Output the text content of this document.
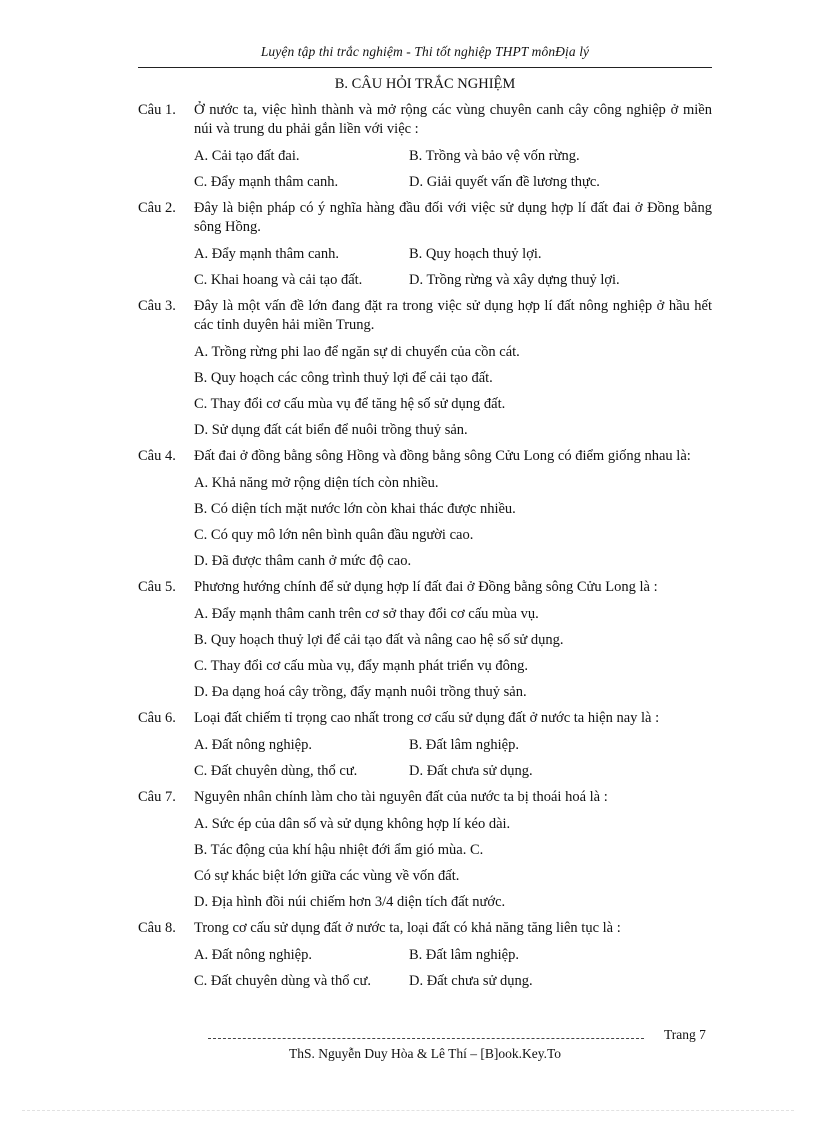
Luyện tập thi trắc nghiệm - Thi tốt nghiệp THPT mônĐịa lý
B. CÂU HỎI TRẮC NGHIỆM
Câu 1.	Ở nước ta, việc hình thành và mở rộng các vùng chuyên canh cây công nghiệp ở miền núi và trung du phải gắn liền với việc :
A. Cải tạo đất đai.	B. Trồng và bảo vệ vốn rừng.
C. Đẩy mạnh thâm canh.	D. Giải quyết vấn đề lương thực.
Câu 2.	Đây là biện pháp có ý nghĩa hàng đầu đối với việc sử dụng hợp lí đất đai ở Đồng bằng sông Hồng.
A. Đẩy mạnh thâm canh.	B. Quy hoạch thuỷ lợi.
C. Khai hoang và cải tạo đất.	D. Trồng rừng và xây dựng thuỷ lợi.
Câu 3.	Đây là một vấn đề lớn đang đặt ra trong việc sử dụng hợp lí đất nông nghiệp ở hầu hết các tỉnh duyên hải miền Trung.
A. Trồng rừng phi lao để ngăn sự di chuyển của cồn cát.
B. Quy hoạch các công trình thuỷ lợi để cải tạo đất.
C. Thay đổi cơ cấu mùa vụ để tăng hệ số sử dụng đất.
D. Sử dụng đất cát biển để nuôi trồng thuỷ sản.
Câu 4.	Đất đai ở đồng bằng sông Hồng và đồng bằng sông Cửu Long có điểm giống nhau là:
A. Khả năng mở rộng diện tích còn nhiều.
B. Có diện tích mặt nước lớn còn khai thác được nhiều.
C. Có quy mô lớn nên bình quân đầu người cao.
D. Đã được thâm canh ở mức độ cao.
Câu 5.	Phương hướng chính để sử dụng hợp lí đất đai ở Đồng bằng sông Cửu Long là :
A. Đẩy mạnh thâm canh trên cơ sở thay đổi cơ cấu mùa vụ.
B. Quy hoạch thuỷ lợi để cải tạo đất và nâng cao hệ số sử dụng.
C. Thay đổi cơ cấu mùa vụ, đẩy mạnh phát triển vụ đông.
D. Đa dạng hoá cây trồng, đẩy mạnh nuôi trồng thuỷ sản.
Câu 6.	Loại đất chiếm tỉ trọng cao nhất trong cơ cấu sử dụng đất ở nước ta hiện nay là :
A. Đất nông nghiệp.	B. Đất lâm nghiệp.
C. Đất chuyên dùng, thổ cư.	D. Đất chưa sử dụng.
Câu 7.	Nguyên nhân chính làm cho tài nguyên đất của nước ta bị thoái hoá là :
A. Sức ép của dân số và sử dụng không hợp lí kéo dài.
B. Tác động của khí hậu nhiệt đới ẩm gió mùa. C.
Có sự khác biệt lớn giữa các vùng về vốn đất.
D. Địa hình đồi núi chiếm hơn 3/4 diện tích đất nước.
Câu 8.	Trong cơ cấu sử dụng đất ở nước ta, loại đất có khả năng tăng liên tục là :
A. Đất nông nghiệp.	B. Đất lâm nghiệp.
C. Đất chuyên dùng và thổ cư.	D. Đất chưa sử dụng.
Trang 7
ThS. Nguyễn Duy Hòa & Lê Thí – [B]ook.Key.To
